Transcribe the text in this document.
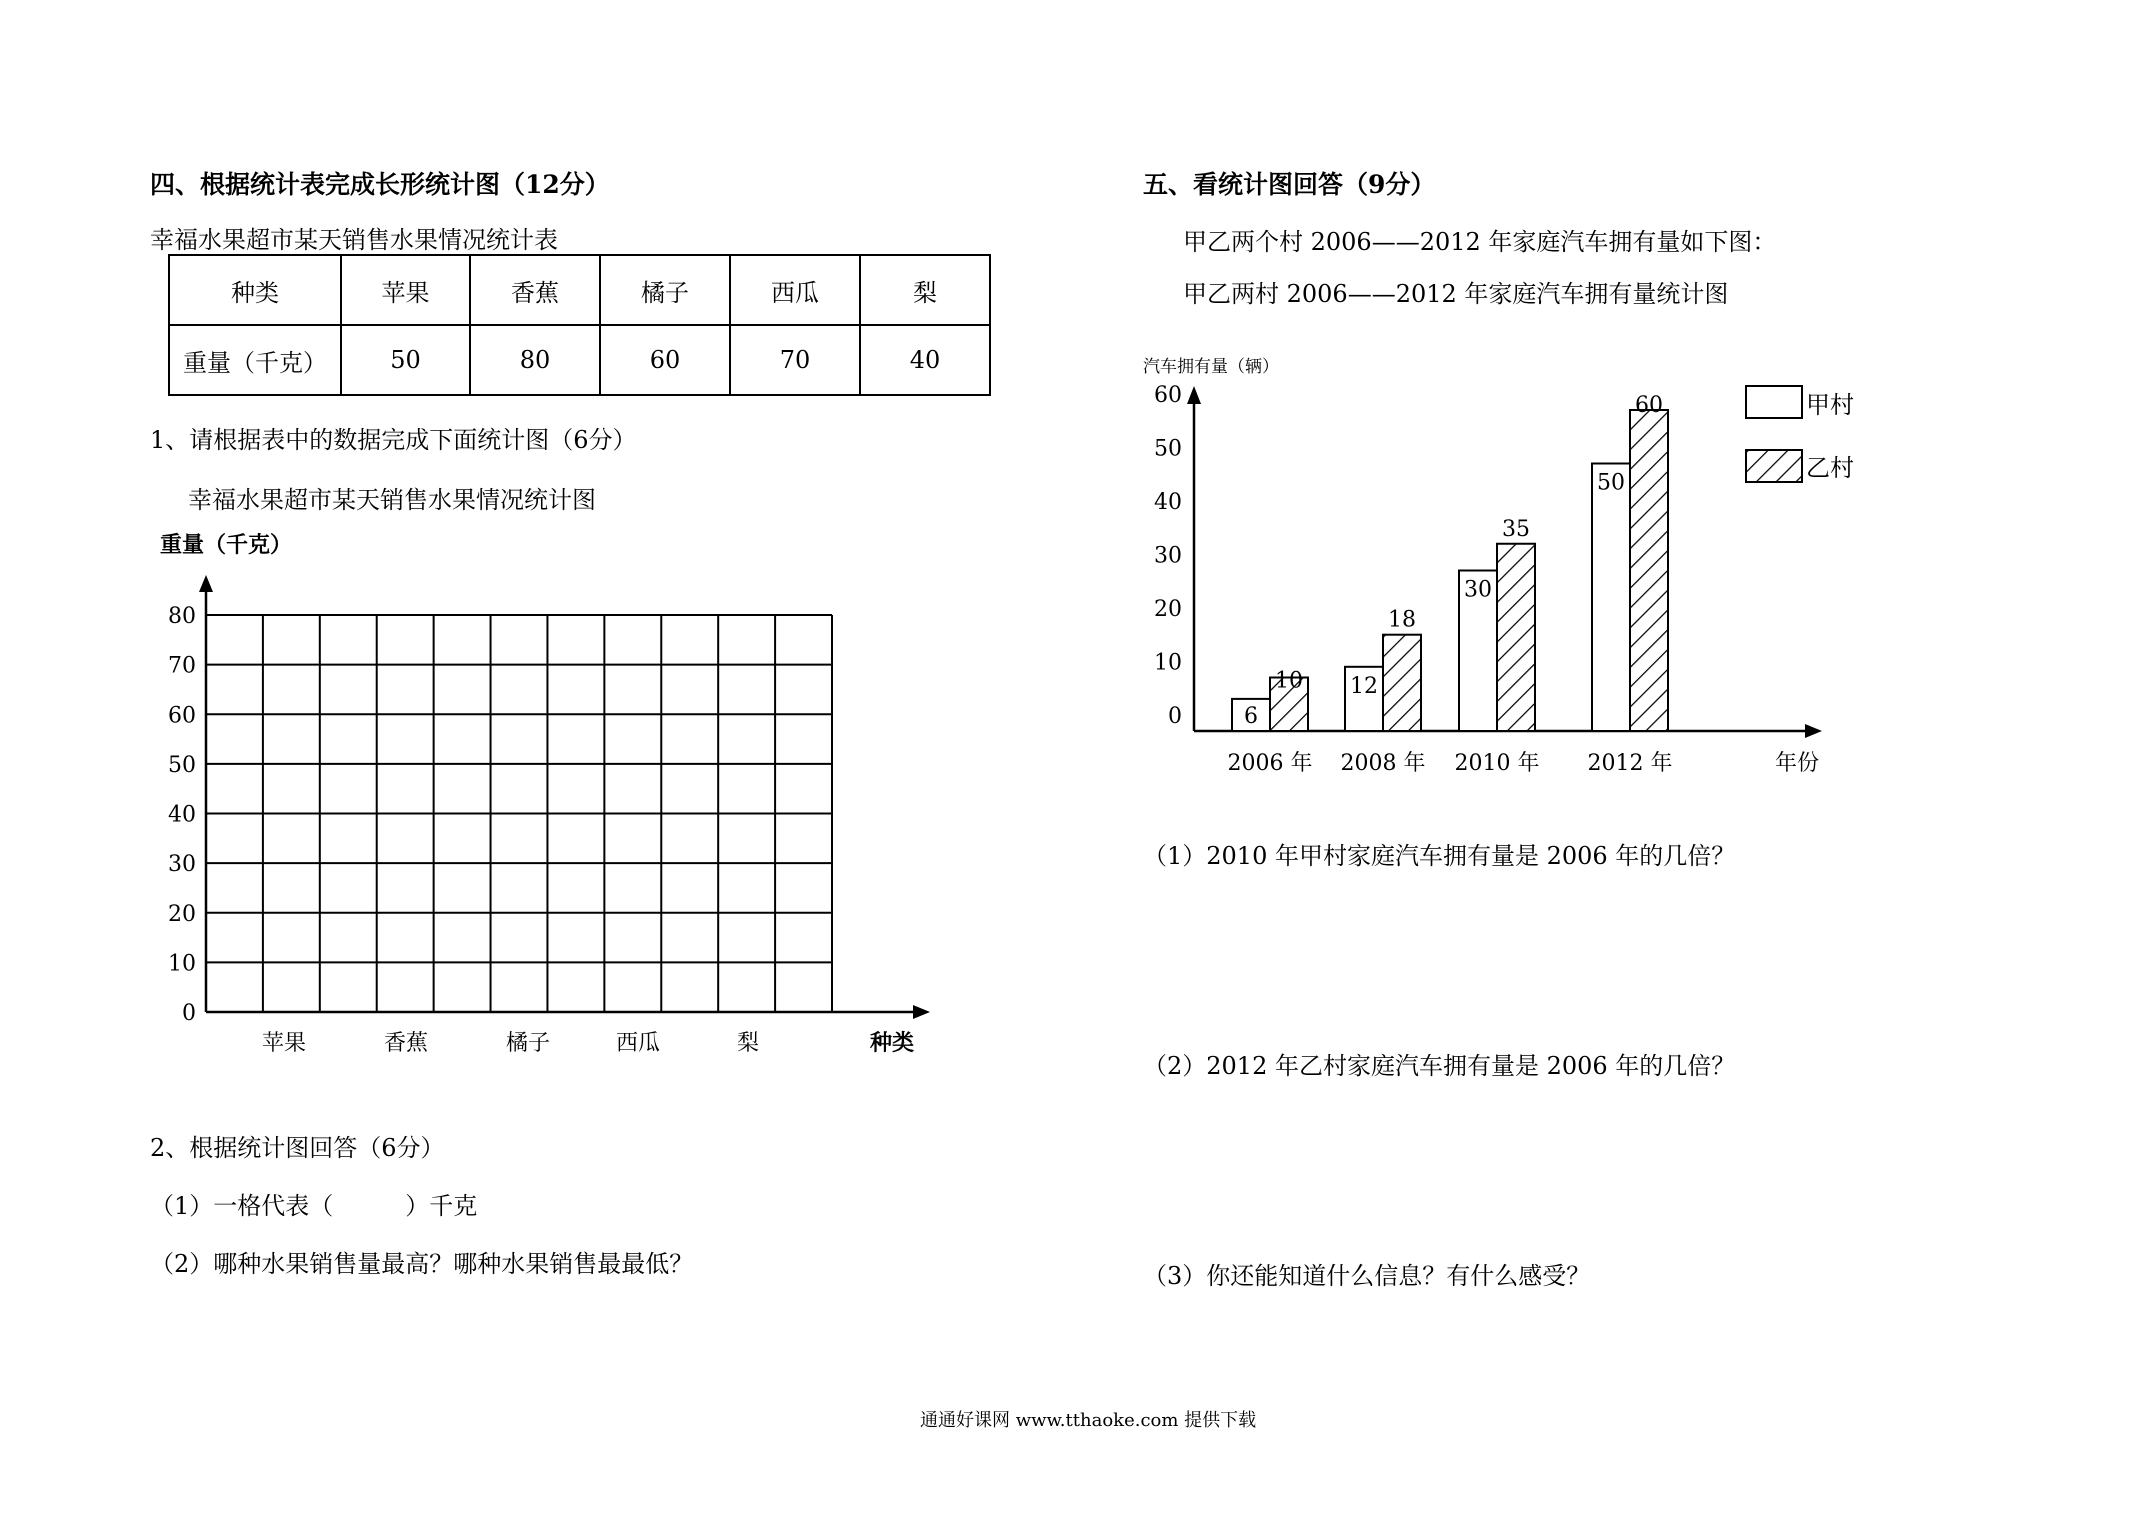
四、根据统计表完成长形统计图（12分）
幸福水果超市某天销售水果情况统计表
种类	苹果	香蕉	橘子	西瓜	梨
重量（千克）	50	80	60	70	40
1、请根据表中的数据完成下面统计图（6分）
幸福水果超市某天销售水果情况统计图
重量（千克）
2、根据统计图回答（6分）
（1）一格代表（　　　）千克
（2）哪种水果销售量最高？哪种水果销售最最低？
五、看统计图回答（9分）
甲乙两个村 2006——2012 年家庭汽车拥有量如下图：
甲乙两村 2006——2012 年家庭汽车拥有量统计图
（1）2010 年甲村家庭汽车拥有量是 2006 年的几倍？
（2）2012 年乙村家庭汽车拥有量是 2006 年的几倍？
（3）你还能知道什么信息？有什么感受？
通通好课网 www.tthaoke.com 提供下载
0
10
20
30
40
50
60
70
80
苹果	香蕉	橘子	西瓜	梨	种类
汽车拥有量（辆）
0
10
20
30
40
50
60
6
10
2006 年
12
18
2008 年
30
35
2010 年
50
60
2012 年	年份
甲村
乙村
